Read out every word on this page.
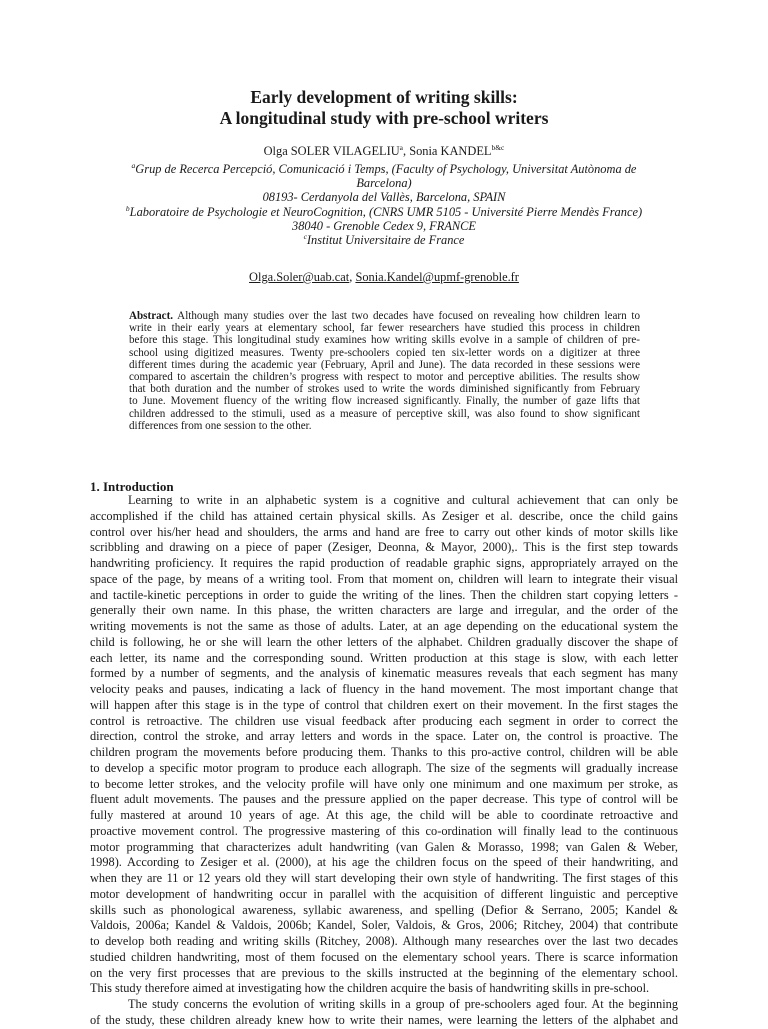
Early development of writing skills:
A longitudinal study with pre-school writers
Olga SOLER VILAGELIU$^a$, Sonia $KANDEL^{b\&c}$
$^a$Grup de Recerca Percepció, Comunicació i Temps, (Faculty of Psychology, Universitat Autònoma de
Barcelona)
08193- Cerdanyola del Vallès, Barcelona, SPAIN
$^b$Laboratoire de Psychologie et NeuroCognition, (CNRS UMR 5105 - Université Pierre Mendès France)
38040 - Grenoble Cedex 9, FRANCE
$^c$Institut Universitaire de France
Olga.Soler@uab.cat, Sonia.Kandel@upmf-grenoble.fr
Abstract. Although many studies over the last two decades have focused on revealing how children learn to
write in their early years at elementary school, far fewer researchers have studied this process in children
before this stage. This longitudinal study examines how writing skills evolve in a sample of children of pre-
school using digitized measures. Twenty pre-schoolers copied ten six-letter words on a digitizer at three
different times during the academic year (February, April and June). The data recorded in these sessions were
compared to ascertain the children’s progress with respect to motor and perceptive abilities. The results show
that both duration and the number of strokes used to write the words diminished significantly from February
to June. Movement fluency of the writing flow increased significantly. Finally, the number of gaze lifts that
children addressed to the stimuli, used as a measure of perceptive skill, was also found to show significant
differences from one session to the other.
1. Introduction
Learning to write in an alphabetic system is a cognitive and cultural achievement that can only be
accomplished if the child has attained certain physical skills. As Zesiger et al. describe, once the child gains
control over his/her head and shoulders, the arms and hand are free to carry out other kinds of motor skills like
scribbling and drawing on a piece of paper (Zesiger, Deonna, & Mayor, 2000),. This is the first step towards
handwriting proficiency. It requires the rapid production of readable graphic signs, appropriately arrayed on the
space of the page, by means of a writing tool. From that moment on, children will learn to integrate their visual
and tactile-kinetic perceptions in order to guide the writing of the lines. Then the children start copying letters -
generally their own name. In this phase, the written characters are large and irregular, and the order of the
writing movements is not the same as those of adults. Later, at an age depending on the educational system the
child is following, he or she will learn the other letters of the alphabet. Children gradually discover the shape of
each letter, its name and the corresponding sound. Written production at this stage is slow, with each letter
formed by a number of segments, and the analysis of kinematic measures reveals that each segment has many
velocity peaks and pauses, indicating a lack of fluency in the hand movement. The most important change that
will happen after this stage is in the type of control that children exert on their movement. In the first stages the
control is retroactive. The children use visual feedback after producing each segment in order to correct the
direction, control the stroke, and array letters and words in the space. Later on, the control is proactive. The
children program the movements before producing them. Thanks to this pro-active control, children will be able
to develop a specific motor program to produce each allograph. The size of the segments will gradually increase
to become letter strokes, and the velocity profile will have only one minimum and one maximum per stroke, as
fluent adult movements. The pauses and the pressure applied on the paper decrease. This type of control will be
fully mastered at around 10 years of age. At this age, the child will be able to coordinate retroactive and
proactive movement control. The progressive mastering of this co-ordination will finally lead to the continuous
motor programming that characterizes adult handwriting (van Galen & Morasso, 1998; van Galen & Weber,
1998). According to Zesiger et al. (2000), at his age the children focus on the speed of their handwriting, and
when they are 11 or 12 years old they will start developing their own style of handwriting. The first stages of this
motor development of handwriting occur in parallel with the acquisition of different linguistic and perceptive
skills such as phonological awareness, syllabic awareness, and spelling (Defior & Serrano, 2005; Kandel &
Valdois, 2006a; Kandel & Valdois, 2006b; Kandel, Soler, Valdois, & Gros, 2006; Ritchey, 2004) that contribute
to develop both reading and writing skills (Ritchey, 2008). Although many researches over the last two decades
studied children handwriting, most of them focused on the elementary school years. There is scarce information
on the very first processes that are previous to the skills instructed at the beginning of the elementary school.
This study therefore aimed at investigating how the children acquire the basis of handwriting skills in pre-school.
The study concerns the evolution of writing skills in a group of pre-schoolers aged four. At the beginning
of the study, these children already knew how to write their names, were learning the letters of the alphabet and
